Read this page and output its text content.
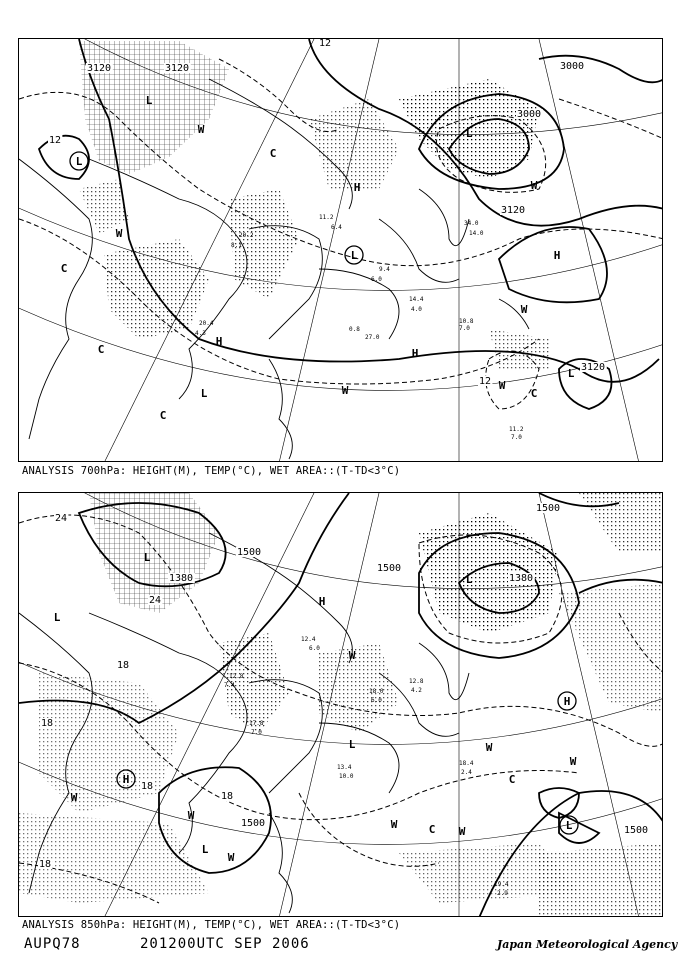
L
L
L
L
L
L
H
H
H
H
C
C
C
C
C
W
W
W
W
W
W
3120	3120
3120
3120
3000
3000
12
12
12
20.2
8.1
11.2
6.4
9.4
6.0
14.4
4.0
10.8
7.0
11.2
7.0
20.4
4.3
0.8
27.0
34.0
14.0
ANALYSIS 700hPa: HEIGHT(M), TEMP(°C), WET AREA::(T-TD<3°C)
L
L
L
L
L
L
H
H
H	C
C
W
W
W
W
W
W
W
W
1500
1500
1500
1500
1500
1380
1380
24
24
18
18
18
18
18
12.8
7.4
12.4
6.0
18.0
6.0
12.8
4.2
18.4
2.4
19.4
2.9
13.4
10.0
17.8
7.0
ANALYSIS 850hPa: HEIGHT(M), TEMP(°C), WET AREA::(T-TD<3°C)
AUPQ78	201200UTC SEP 2006	Japan Meteorological Agency
